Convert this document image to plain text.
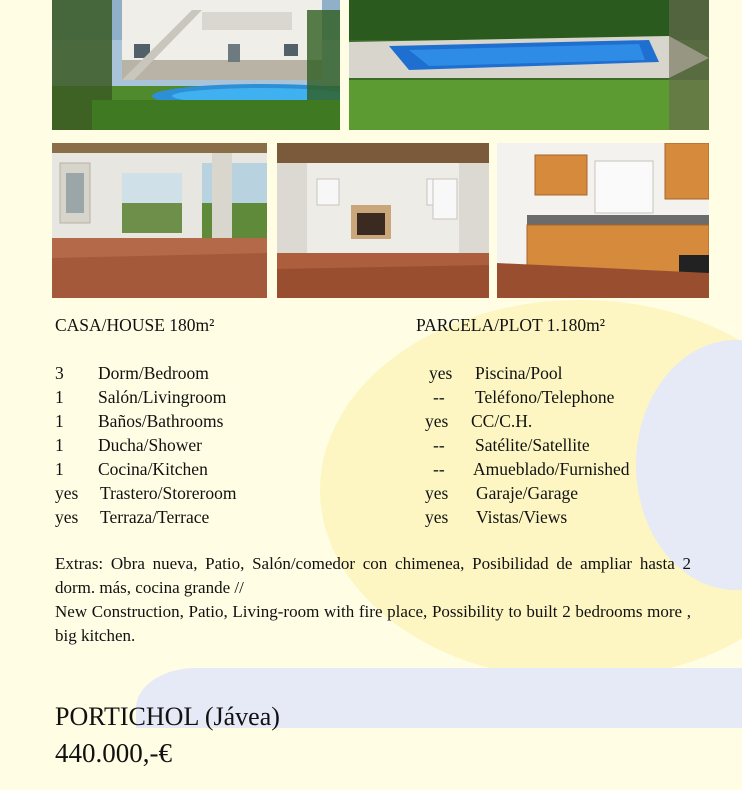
CASA/HOUSE 180m²	PARCELA/PLOT 1.180m²
3 Dorm/Bedroom
1 Salón/Livingroom
1 Baños/Bathrooms
1 Ducha/Shower
1 Cocina/Kitchen
yes Trastero/Storeroom
yes Terraza/Terrace
yes Piscina/Pool
-- Teléfono/Telephone
yes CC/C.H.
-- Satélite/Satellite
-- Amueblado/Furnished
yes Garaje/Garage
yes Vistas/Views

Extras: Obra nueva, Patio, Salón/comedor con chimenea, Posibilidad de ampliar hasta 2 dorm. más, cocina grande //

New Construction, Patio, Living-room with fire place, Possibility to built 2 bedrooms more , big kitchen.

PORTICHOL (Jávea)
440.000,-€
